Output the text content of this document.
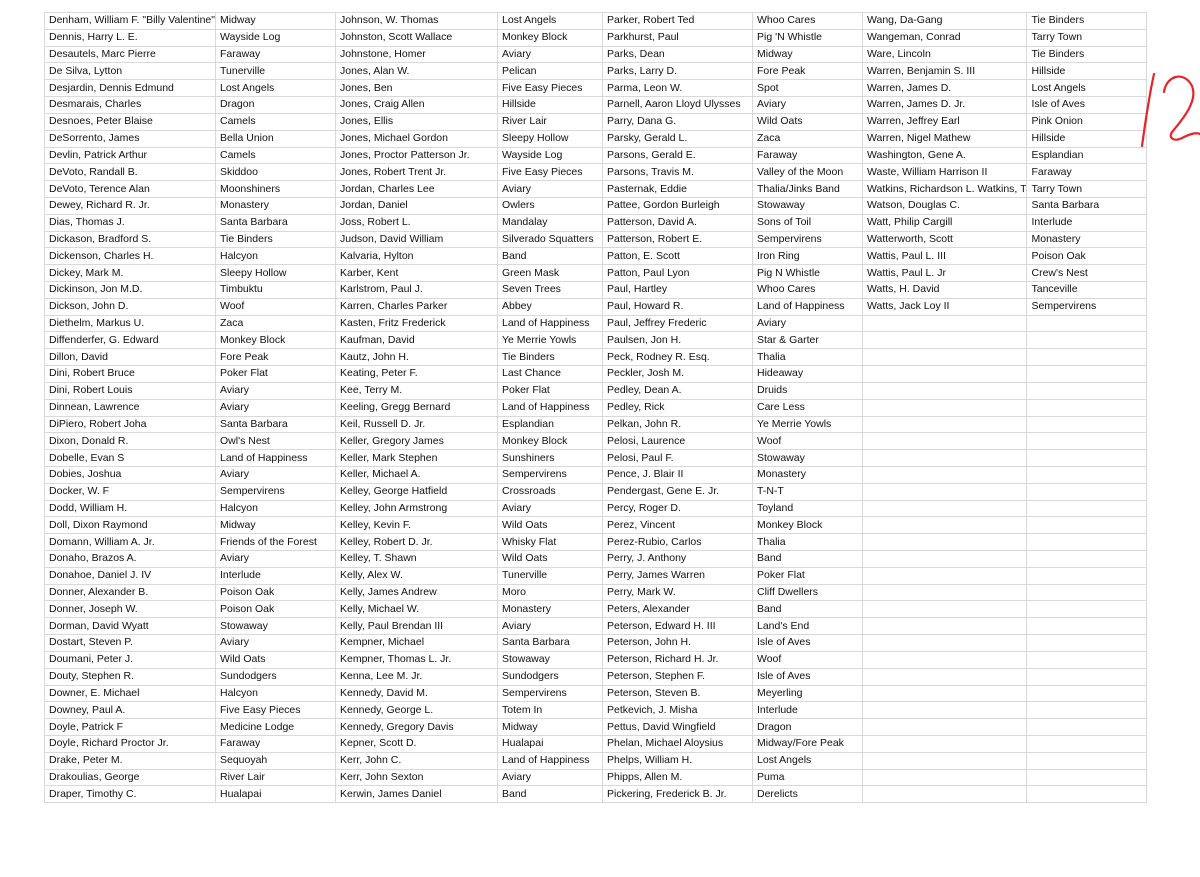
Denham, William F. "Billy Valentine"	Midway	Johnson, W. Thomas	Lost Angels	Parker, Robert Ted	Whoo Cares	Wang, Da-Gang	Tie Binders
Dennis, Harry L. E.	Wayside Log	Johnston, Scott Wallace	Monkey Block	Parkhurst, Paul	Pig 'N Whistle	Wangeman, Conrad	Tarry Town
Desautels, Marc Pierre	Faraway	Johnstone, Homer	Aviary	Parks, Dean	Midway	Ware, Lincoln	Tie Binders
De Silva, Lytton	Tunerville	Jones, Alan W.	Pelican	Parks, Larry D.	Fore Peak	Warren, Benjamin S. III	Hillside
Desjardin, Dennis Edmund	Lost Angels	Jones, Ben	Five Easy Pieces	Parma, Leon W.	Spot	Warren, James D.	Lost Angels
Desmarais, Charles	Dragon	Jones, Craig Allen	Hillside	Parnell, Aaron Lloyd Ulysses	Aviary	Warren, James D. Jr.	Isle of Aves
Desnoes, Peter Blaise	Camels	Jones, Ellis	River Lair	Parry, Dana G.	Wild Oats	Warren, Jeffrey Earl	Pink Onion
DeSorrento, James	Bella Union	Jones, Michael Gordon	Sleepy Hollow	Parsky, Gerald L.	Zaca	Warren, Nigel Mathew	Hillside
Devlin, Patrick Arthur	Camels	Jones, Proctor Patterson Jr.	Wayside Log	Parsons, Gerald E.	Faraway	Washington, Gene A.	Esplandian
DeVoto, Randall B.	Skiddoo	Jones, Robert Trent Jr.	Five Easy Pieces	Parsons, Travis M.	Valley of the Moon	Waste, William Harrison II	Faraway
DeVoto, Terence Alan	Moonshiners	Jordan, Charles Lee	Aviary	Pasternak, Eddie	Thalia/Jinks Band	Watkins, Richardson L. Watkins, T	Tarry Town
Dewey, Richard R. Jr.	Monastery	Jordan, Daniel	Owlers	Pattee, Gordon Burleigh	Stowaway	Watson, Douglas C.	Santa Barbara
Dias, Thomas J.	Santa Barbara	Joss, Robert L.	Mandalay	Patterson, David A.	Sons of Toil	Watt, Philip Cargill	Interlude
Dickason, Bradford S.	Tie Binders	Judson, David William	Silverado Squatters	Patterson, Robert E.	Sempervirens	Watterworth, Scott	Monastery
Dickenson, Charles H.	Halcyon	Kalvaria, Hylton	Band	Patton, E. Scott	Iron Ring	Wattis, Paul L. III	Poison Oak
Dickey, Mark M.	Sleepy Hollow	Karber, Kent	Green Mask	Patton, Paul Lyon	Pig N Whistle	Wattis, Paul L. Jr	Crew's Nest
Dickinson, Jon M.D.	Timbuktu	Karlstrom, Paul J.	Seven Trees	Paul, Hartley	Whoo Cares	Watts, H. David	Tanceville
Dickson, John D.	Woof	Karren, Charles Parker	Abbey	Paul, Howard R.	Land of Happiness	Watts, Jack Loy II	Sempervirens
Diethelm, Markus U.	Zaca	Kasten, Fritz Frederick	Land of Happiness	Paul, Jeffrey Frederic	Aviary		
Diffenderfer, G. Edward	Monkey Block	Kaufman, David	Ye Merrie Yowls	Paulsen, Jon H.	Star & Garter		
Dillon, David	Fore Peak	Kautz, John H.	Tie Binders	Peck, Rodney R. Esq.	Thalia		
Dini, Robert Bruce	Poker Flat	Keating, Peter F.	Last Chance	Peckler, Josh M.	Hideaway		
Dini, Robert Louis	Aviary	Kee, Terry M.	Poker Flat	Pedley, Dean A.	Druids		
Dinnean, Lawrence	Aviary	Keeling, Gregg Bernard	Land of Happiness	Pedley, Rick	Care Less		
DiPiero, Robert Joha	Santa Barbara	Keil, Russell D. Jr.	Esplandian	Pelkan, John R.	Ye Merrie Yowls		
Dixon, Donald R.	Owl's Nest	Keller, Gregory James	Monkey Block	Pelosi, Laurence	Woof		
Dobelle, Evan S	Land of Happiness	Keller, Mark Stephen	Sunshiners	Pelosi, Paul F.	Stowaway		
Dobies, Joshua	Aviary	Keller, Michael A.	Sempervirens	Pence, J. Blair II	Monastery		
Docker, W. F	Sempervirens	Kelley, George Hatfield	Crossroads	Pendergast, Gene E. Jr.	T-N-T		
Dodd, William H.	Halcyon	Kelley, John Armstrong	Aviary	Percy, Roger D.	Toyland		
Doll, Dixon Raymond	Midway	Kelley, Kevin F.	Wild Oats	Perez, Vincent	Monkey Block		
Domann, William A. Jr.	Friends of the Forest	Kelley, Robert D. Jr.	Whisky Flat	Perez-Rubio, Carlos	Thalia		
Donaho, Brazos A.	Aviary	Kelley, T. Shawn	Wild Oats	Perry, J. Anthony	Band		
Donahoe, Daniel J. IV	Interlude	Kelly, Alex W.	Tunerville	Perry, James Warren	Poker Flat		
Donner, Alexander B.	Poison Oak	Kelly, James Andrew	Moro	Perry, Mark W.	Cliff Dwellers		
Donner, Joseph W.	Poison Oak	Kelly, Michael W.	Monastery	Peters, Alexander	Band		
Dorman, David Wyatt	Stowaway	Kelly, Paul Brendan III	Aviary	Peterson, Edward H. III	Land's End		
Dostart, Steven P.	Aviary	Kempner, Michael	Santa Barbara	Peterson, John H.	Isle of Aves		
Doumani, Peter J.	Wild Oats	Kempner, Thomas L. Jr.	Stowaway	Peterson, Richard H. Jr.	Woof		
Douty, Stephen R.	Sundodgers	Kenna, Lee M. Jr.	Sundodgers	Peterson, Stephen F.	Isle of Aves		
Downer, E. Michael	Halcyon	Kennedy, David M.	Sempervirens	Peterson, Steven B.	Meyerling		
Downey, Paul A.	Five Easy Pieces	Kennedy, George L.	Totem In	Petkevich, J. Misha	Interlude		
Doyle, Patrick F	Medicine Lodge	Kennedy, Gregory Davis	Midway	Pettus, David Wingfield	Dragon		
Doyle, Richard Proctor Jr.	Faraway	Kepner, Scott D.	Hualapai	Phelan, Michael Aloysius	Midway/Fore Peak		
Drake, Peter M.	Sequoyah	Kerr, John C.	Land of Happiness	Phelps, William H.	Lost Angels		
Drakoulias, George	River Lair	Kerr, John Sexton	Aviary	Phipps, Allen M.	Puma		
Draper, Timothy C.	Hualapai	Kerwin, James Daniel	Band	Pickering, Frederick B. Jr.	Derelicts		
